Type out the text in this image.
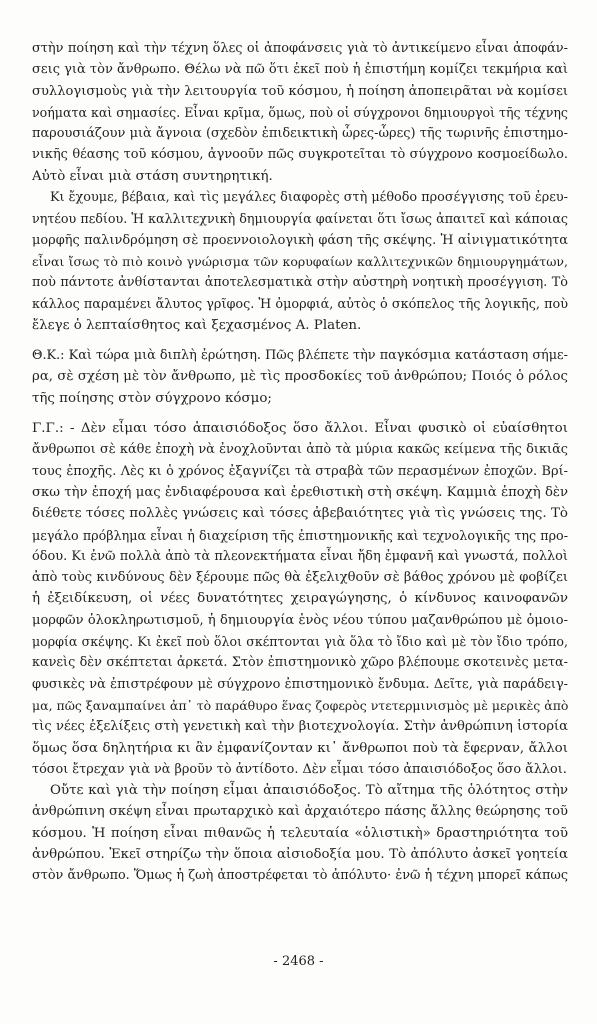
στὴν ποίηση καὶ τὴν τέχνη ὅλες οἱ ἀποφάνσεις γιὰ τὸ ἀντικείμενο εἶναι ἀποφάν-
σεις γιὰ τὸν ἄνθρωπο. Θέλω νὰ πῶ ὅτι ἐκεῖ ποὺ ἡ ἐπιστήμη κομίζει τεκμήρια καὶ
συλλογισμοὺς γιὰ τὴν λειτουργία τοῦ κόσμου, ἡ ποίηση ἀποπειρᾶται νὰ κομίσει
νοήματα καὶ σημασίες. Εἶναι κρῖμα, ὅμως, ποὺ οἱ σύγχρονοι δημιουργοὶ τῆς τέχνης
παρουσιάζουν μιὰ ἄγνοια (σχεδὸν ἐπιδεικτικὴ ὧρες-ὧρες) τῆς τωρινῆς ἐπιστημο-
νικῆς θέασης τοῦ κόσμου, ἀγνοοῦν πῶς συγκροτεῖται τὸ σύγχρονο κοσμοείδωλο.
Αὐτὸ εἶναι μιὰ στάση συντηρητική.
Κι ἔχουμε, βέβαια, καὶ τὶς μεγάλες διαφορὲς στὴ μέθοδο προσέγγισης τοῦ ἐρευ-
νητέου πεδίου. Ἡ καλλιτεχνικὴ δημιουργία φαίνεται ὅτι ἴσως ἀπαιτεῖ καὶ κάποιας
μορφῆς παλινδρόμηση σὲ προεννοιολογικὴ φάση τῆς σκέψης. Ἡ αἰνιγματικότητα
εἶναι ἴσως τὸ πιὸ κοινὸ γνώρισμα τῶν κορυφαίων καλλιτεχνικῶν δημιουργημάτων,
ποὺ πάντοτε ἀνθίστανται ἀποτελεσματικὰ στὴν αὐστηρὴ νοητικὴ προσέγγιση. Τὸ
κάλλος παραμένει ἄλυτος γρῖφος. Ἡ ὀμορφιά, αὐτὸς ὁ σκόπελος τῆς λογικῆς, ποὺ
ἔλεγε ὁ λεπταίσθητος καὶ ξεχασμένος A. Platen.
Θ.Κ.: Καὶ τώρα μιὰ διπλὴ ἐρώτηση. Πῶς βλέπετε τὴν παγκόσμια κατάσταση σήμε-
ρα, σὲ σχέση μὲ τὸν ἄνθρωπο, μὲ τὶς προσδοκίες τοῦ ἀνθρώπου; Ποιός ὁ ρόλος
τῆς ποίησης στὸν σύγχρονο κόσμο;
Γ.Γ.: - Δὲν εἶμαι τόσο ἀπαισιόδοξος ὅσο ἄλλοι. Εἶναι φυσικὸ οἱ εὐαίσθητοι
ἄνθρωποι σὲ κάθε ἐποχὴ νὰ ἐνοχλοῦνται ἀπὸ τὰ μύρια κακῶς κείμενα τῆς δικιᾶς
τους ἐποχῆς. Λὲς κι ὁ χρόνος ἐξαγνίζει τὰ στραβὰ τῶν περασμένων ἐποχῶν. Βρί-
σκω τὴν ἐποχή μας ἐνδιαφέρουσα καὶ ἐρεθιστικὴ στὴ σκέψη. Καμμιὰ ἐποχὴ δὲν
διέθετε τόσες πολλὲς γνώσεις καὶ τόσες ἀβεβαιότητες γιὰ τὶς γνώσεις της. Τὸ
μεγάλο πρόβλημα εἶναι ἡ διαχείριση τῆς ἐπιστημονικῆς καὶ τεχνολογικῆς της προ-
όδου. Κι ἐνῶ πολλὰ ἀπὸ τὰ πλεονεκτήματα εἶναι ἤδη ἐμφανῆ καὶ γνωστά, πολλοὶ
ἀπὸ τοὺς κινδύνους δὲν ξέρουμε πῶς θὰ ἐξελιχθοῦν σὲ βάθος χρόνου μὲ φοβίζει
ἡ ἐξειδίκευση, οἱ νέες δυνατότητες χειραγώγησης, ὁ κίνδυνος καινοφανῶν
μορφῶν ὁλοκληρωτισμοῦ, ἡ δημιουργία ἑνὸς νέου τύπου μαζανθρώπου μὲ ὁμοιο-
μορφία σκέψης. Κι ἐκεῖ ποὺ ὅλοι σκέπτονται γιὰ ὅλα τὸ ἴδιο καὶ μὲ τὸν ἴδιο τρόπο,
κανεὶς δὲν σκέπτεται ἀρκετά. Στὸν ἐπιστημονικὸ χῶρο βλέπουμε σκοτεινὲς μετα-
φυσικὲς νὰ ἐπιστρέφουν μὲ σύγχρονο ἐπιστημονικὸ ἔνδυμα. Δεῖτε, γιὰ παράδειγ-
μα, πῶς ξαναμπαίνει ἀπ᾽ τὸ παράθυρο ἕνας ζοφερὸς ντετερμινισμὸς μὲ μερικὲς ἀπὸ
τὶς νέες ἐξελίξεις στὴ γενετικὴ καὶ τὴν βιοτεχνολογία. Στὴν ἀνθρώπινη ἱστορία
ὅμως ὅσα δηλητήρια κι ἂν ἐμφανίζονταν κι᾽ ἄνθρωποι ποὺ τὰ ἔφερναν, ἄλλοι
τόσοι ἔτρεχαν γιὰ νὰ βροῦν τὸ ἀντίδοτο. Δὲν εἶμαι τόσο ἀπαισιόδοξος ὅσο ἄλλοι.
Οὔτε καὶ γιὰ τὴν ποίηση εἶμαι ἀπαισιόδοξος. Τὸ αἴτημα τῆς ὁλότητος στὴν
ἀνθρώπινη σκέψη εἶναι πρωταρχικὸ καὶ ἀρχαιότερο πάσης ἄλλης θεώρησης τοῦ
κόσμου. Ἡ ποίηση εἶναι πιθανῶς ἡ τελευταία «ὁλιστικὴ» δραστηριότητα τοῦ
ἀνθρώπου. Ἐκεῖ στηρίζω τὴν ὅποια αἰσιοδοξία μου. Τὸ ἀπόλυτο ἀσκεῖ γοητεία
στὸν ἄνθρωπο. Ὅμως ἡ ζωὴ ἀποστρέφεται τὸ ἀπόλυτο· ἐνῶ ἡ τέχνη μπορεῖ κάπως
- 2468 -
